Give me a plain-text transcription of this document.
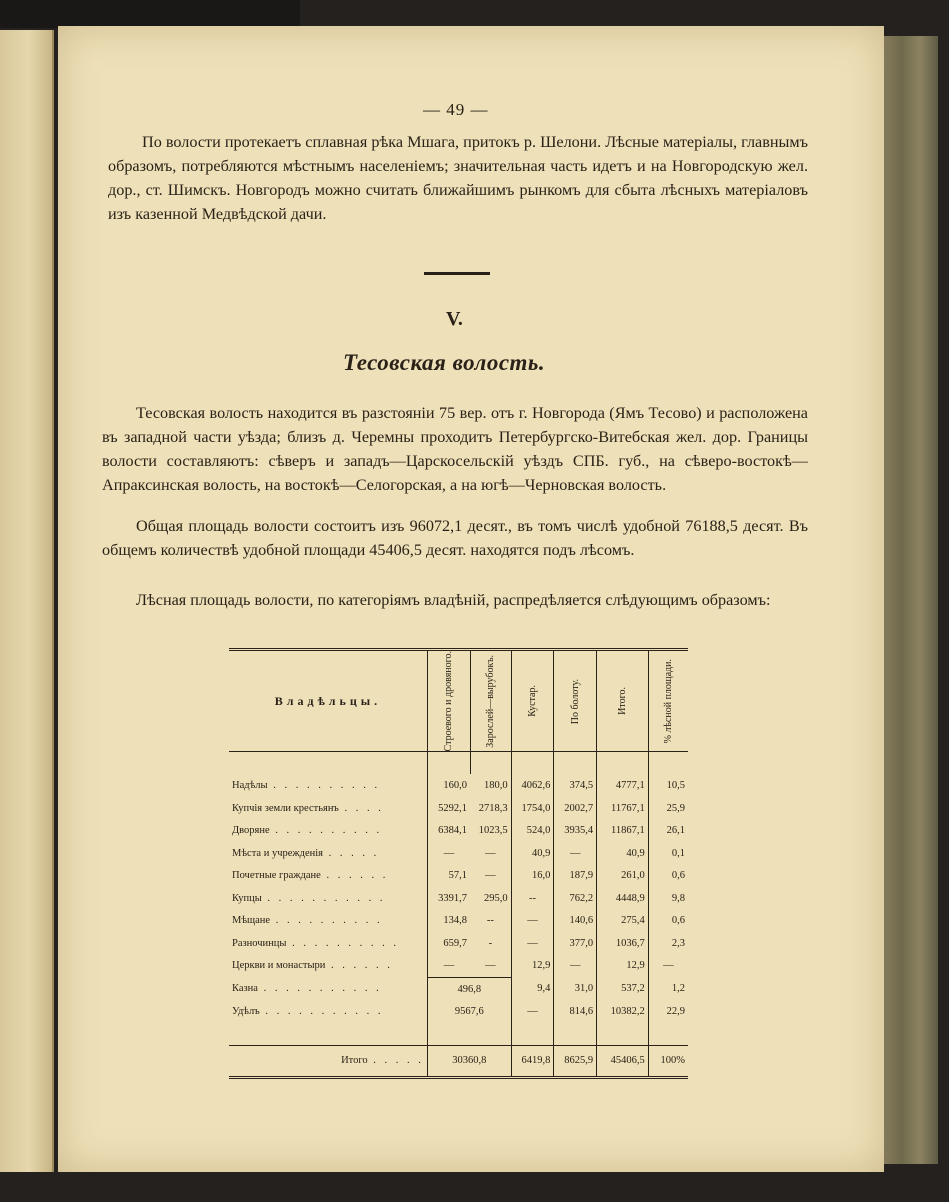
— 49 —
По волости протекаетъ сплавная рѣка Мшага, притокъ р. Шелони. Лѣсные матеріалы, главнымъ образомъ, потребляются мѣстнымъ населеніемъ; значительная часть идетъ и на Новгородскую жел. дор., ст. Шимскъ. Новгородъ можно считать ближайшимъ рынкомъ для сбыта лѣсныхъ матеріаловъ изъ казенной Медвѣдской дачи.
V.
Тесовская волость.
Тесовская волость находится въ разстояніи 75 вер. отъ г. Новгорода (Ямъ Тесово) и расположена въ западной части уѣзда; близъ д. Черемны проходитъ Петербургско-Витебская жел. дор. Границы волости составляютъ: сѣверъ и западъ—Царскосельскій уѣздъ СПБ. губ., на сѣверо-востокѣ—Апраксинская волость, на востокѣ—Селогорская, а на югѣ—Черновская волость.
Общая площадь волости состоитъ изъ 96072,1 десят., въ томъ числѣ удобной 76188,5 десят. Въ общемъ количествѣ удобной площади 45406,5 десят. находятся подъ лѣсомъ.
Лѣсная площадь волости, по категоріямъ владѣній, распредѣляется слѣдующимъ образомъ:
Владѣльцы.	Строевого и дровяного.	Зарослей—вырубокъ.	Кустар.	По болоту.	Итого.	% лѣсной площади.

Надѣлы . . . . . . . . . .	160,0	180,0	4062,6	374,5	4777,1	10,5
Купчія земли крестьянъ . . . .	5292,1	2718,3	1754,0	2002,7	11767,1	25,9
Дворяне . . . . . . . . . .	6384,1	1023,5	524,0	3935,4	11867,1	26,1
Мѣста и учрежденія . . . . .	—	—	40,9	—	40,9	0,1
Почетные граждане . . . . . .	57,1	—	16,0	187,9	261,0	0,6
Купцы . . . . . . . . . . .	3391,7	295,0	--	762,2	4448,9	9,8
Мѣщане . . . . . . . . . .	134,8	--	—	140,6	275,4	0,6
Разночинцы . . . . . . . . . .	659,7	-	—	377,0	1036,7	2,3
Церкви и монастыри . . . . . .	—	—	12,9	—	12,9	—
Казна . . . . . . . . . . .	496,8		9,4	31,0	537,2	1,2
Удѣлъ . . . . . . . . . . .	9567,6		—	814,6	10382,2	22,9

Итого . . . . .	30360,8		6419,8	8625,9	45406,5	100%
